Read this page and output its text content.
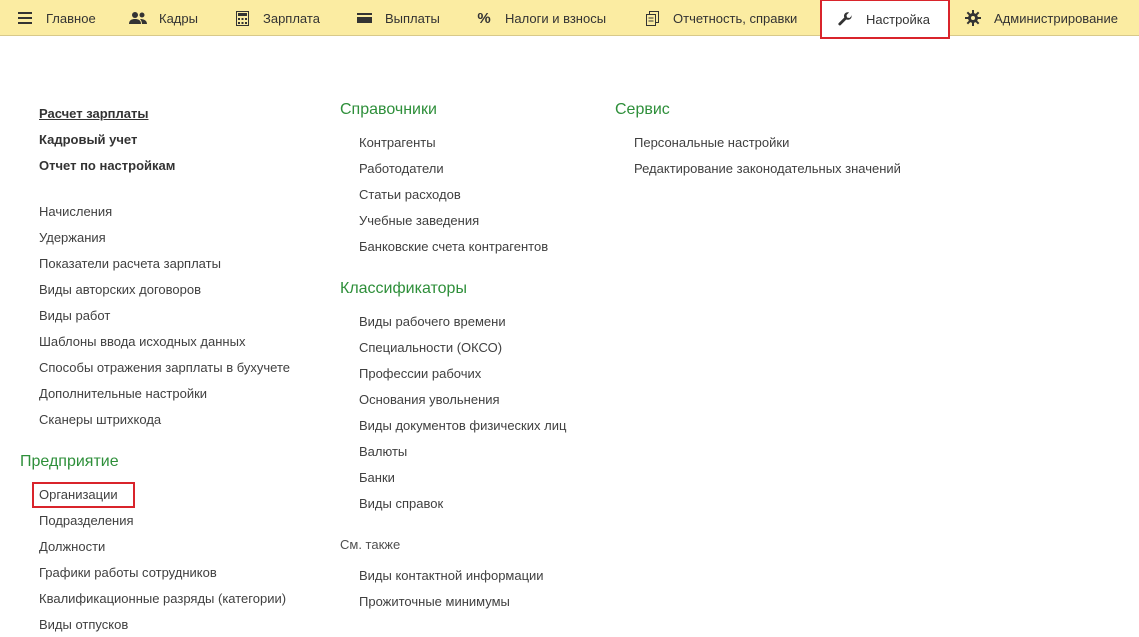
Главное	Кадры	Зарплата	Выплаты % Налоги и взносы	Отчетность, справки	Настройка	Администрирование
Расчет зарплаты
Кадровый учет
Отчет по настройкам
Начисления
Удержания
Показатели расчета зарплаты
Виды авторских договоров
Виды работ
Шаблоны ввода исходных данных
Способы отражения зарплаты в бухучете
Дополнительные настройки
Сканеры штрихкода
Предприятие
Организации
Подразделения
Должности
Графики работы сотрудников
Квалификационные разряды (категории)
Виды отпусков
Справочники
Контрагенты
Работодатели
Статьи расходов
Учебные заведения
Банковские счета контрагентов
Классификаторы
Виды рабочего времени
Специальности (ОКСО)
Профессии рабочих
Основания увольнения
Виды документов физических лиц
Валюты
Банки
Виды справок
См. также
Виды контактной информации
Прожиточные минимумы
Сервис
Персональные настройки
Редактирование законодательных значений
